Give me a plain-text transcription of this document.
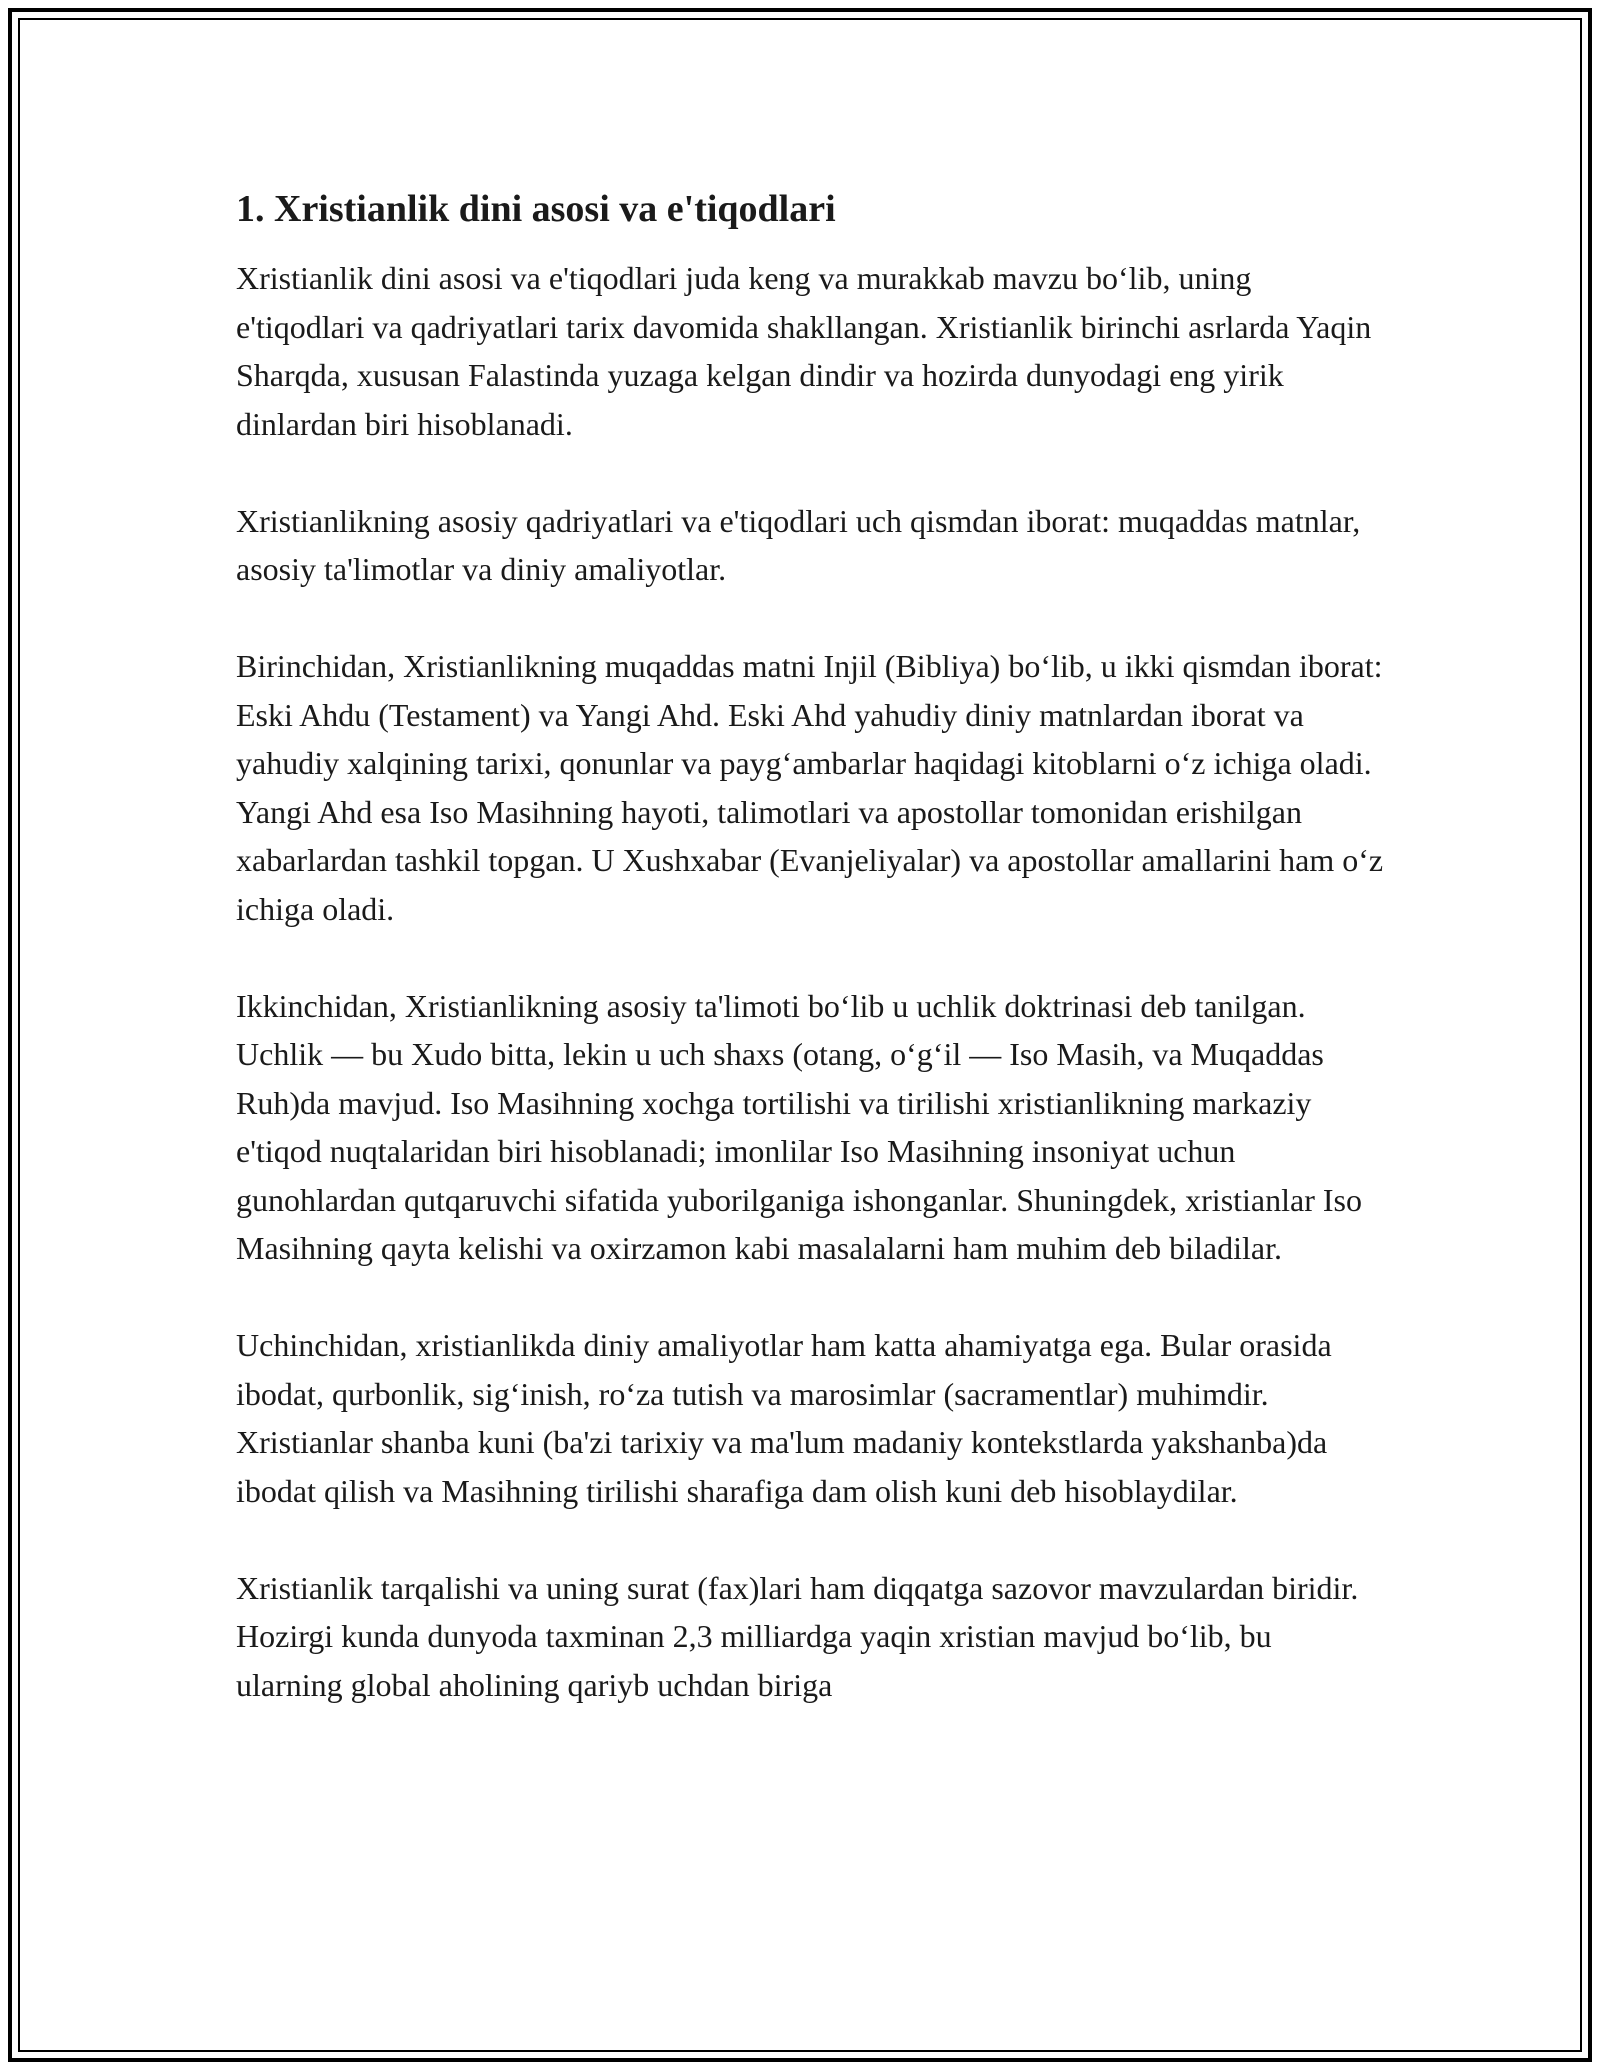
1. Xristianlik dini asosi va e'tiqodlari

Xristianlik dini asosi va e'tiqodlari juda keng va murakkab mavzu bo‘lib, uning e'tiqodlari va qadriyatlari tarix davomida shakllangan. Xristianlik birinchi asrlarda Yaqin Sharqda, xususan Falastinda yuzaga kelgan dindir va hozirda dunyodagi eng yirik dinlardan biri hisoblanadi.

Xristianlikning asosiy qadriyatlari va e'tiqodlari uch qismdan iborat: muqaddas matnlar, asosiy ta'limotlar va diniy amaliyotlar.

Birinchidan, Xristianlikning muqaddas matni Injil (Bibliya) bo‘lib, u ikki qismdan iborat: Eski Ahdu (Testament) va Yangi Ahd. Eski Ahd yahudiy diniy matnlardan iborat va yahudiy xalqining tarixi, qonunlar va payg‘ambarlar haqidagi kitoblarni o‘z ichiga oladi. Yangi Ahd esa Iso Masihning hayoti, talimotlari va apostollar tomonidan erishilgan xabarlardan tashkil topgan. U Xushxabar (Evanjeliyalar) va apostollar amallarini ham o‘z ichiga oladi.

Ikkinchidan, Xristianlikning asosiy ta'limoti bo‘lib u uchlik doktrinasi deb tanilgan. Uchlik — bu Xudo bitta, lekin u uch shaxs (otang, o‘g‘il — Iso Masih, va Muqaddas Ruh)da mavjud. Iso Masihning xochga tortilishi va tirilishi xristianlikning markaziy e'tiqod nuqtalaridan biri hisoblanadi; imonlilar Iso Masihning insoniyat uchun gunohlardan qutqaruvchi sifatida yuborilganiga ishonganlar. Shuningdek, xristianlar Iso Masihning qayta kelishi va oxirzamon kabi masalalarni ham muhim deb biladilar.

Uchinchidan, xristianlikda diniy amaliyotlar ham katta ahamiyatga ega. Bular orasida ibodat, qurbonlik, sig‘inish, ro‘za tutish va marosimlar (sacramentlar) muhimdir. Xristianlar shanba kuni (ba'zi tarixiy va ma'lum madaniy kontekstlarda yakshanba)da ibodat qilish va Masihning tirilishi sharafiga dam olish kuni deb hisoblaydilar.

Xristianlik tarqalishi va uning surat (fax)lari ham diqqatga sazovor mavzulardan biridir. Hozirgi kunda dunyoda taxminan 2,3 milliardga yaqin xristian mavjud bo‘lib, bu ularning global aholining qariyb uchdan biriga
